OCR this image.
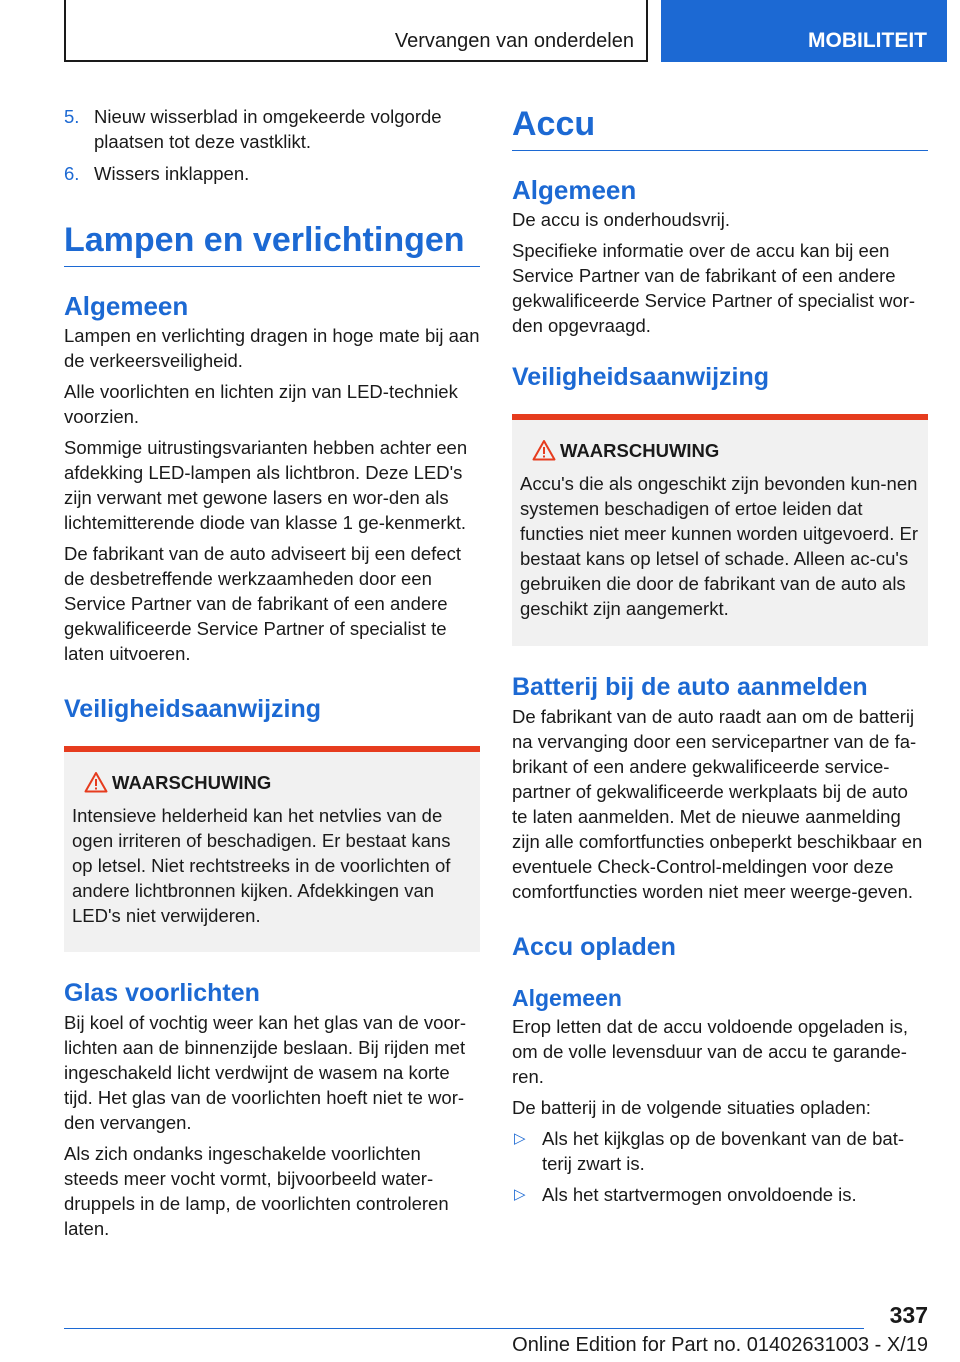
Vervangen van onderdelen	MOBILITEIT
5. Nieuw wisserblad in omgekeerde volgorde plaatsen tot deze vastklikt.

6. Wissers inklappen.

Lampen en verlichtingen
Algemeen

Lampen en verlichting dragen in hoge mate bij aan de verkeersveiligheid.

Alle voorlichten en lichten zijn van LED-techniek voorzien.

Sommige uitrustingsvarianten hebben achter een afdekking LED-lampen als lichtbron. Deze LED's zijn verwant met gewone lasers en wor-den als lichtemitterende diode van klasse 1 ge-kenmerkt.

De fabrikant van de auto adviseert bij een defect de desbetreffende werkzaamheden door een Service Partner van de fabrikant of een andere gekwalificeerde Service Partner of specialist te laten uitvoeren.

Veiligheidsaanwijzing

WAARSCHUWING

Intensieve helderheid kan het netvlies van de ogen irriteren of beschadigen. Er bestaat kans op letsel. Niet rechtstreeks in de voorlichten of andere lichtbronnen kijken. Afdekkingen van LED's niet verwijderen.

Glas voorlichten

Bij koel of vochtig weer kan het glas van de voor-lichten aan de binnenzijde beslaan. Bij rijden met ingeschakeld licht verdwijnt de wasem na korte tijd. Het glas van de voorlichten hoeft niet te wor-den vervangen.

Als zich ondanks ingeschakelde voorlichten steeds meer vocht vormt, bijvoorbeeld water-druppels in de lamp, de voorlichten controleren laten.

Accu
Algemeen

De accu is onderhoudsvrij.

Specifieke informatie over de accu kan bij een Service Partner van de fabrikant of een andere gekwalificeerde Service Partner of specialist wor-den opgevraagd.

Veiligheidsaanwijzing

WAARSCHUWING

Accu's die als ongeschikt zijn bevonden kun-nen systemen beschadigen of ertoe leiden dat functies niet meer kunnen worden uitgevoerd. Er bestaat kans op letsel of schade. Alleen ac-cu's gebruiken die door de fabrikant van de auto als geschikt zijn aangemerkt.

Batterij bij de auto aanmelden

De fabrikant van de auto raadt aan om de batterij na vervanging door een servicepartner van de fa-brikant of een andere gekwalificeerde service-partner of gekwalificeerde werkplaats bij de auto te laten aanmelden. Met de nieuwe aanmelding zijn alle comfortfuncties onbeperkt beschikbaar en eventuele Check-Control-meldingen voor deze comfortfuncties worden niet meer weerge-geven.

Accu opladen
Algemeen

Erop letten dat de accu voldoende opgeladen is, om de volle levensduur van de accu te garande-ren.

De batterij in de volgende situaties opladen:

▷ Als het kijkglas op de bovenkant van de bat-terij zwart is.

▷ Als het startvermogen onvoldoende is.

337
Online Edition for Part no. 01402631003 - X/19
